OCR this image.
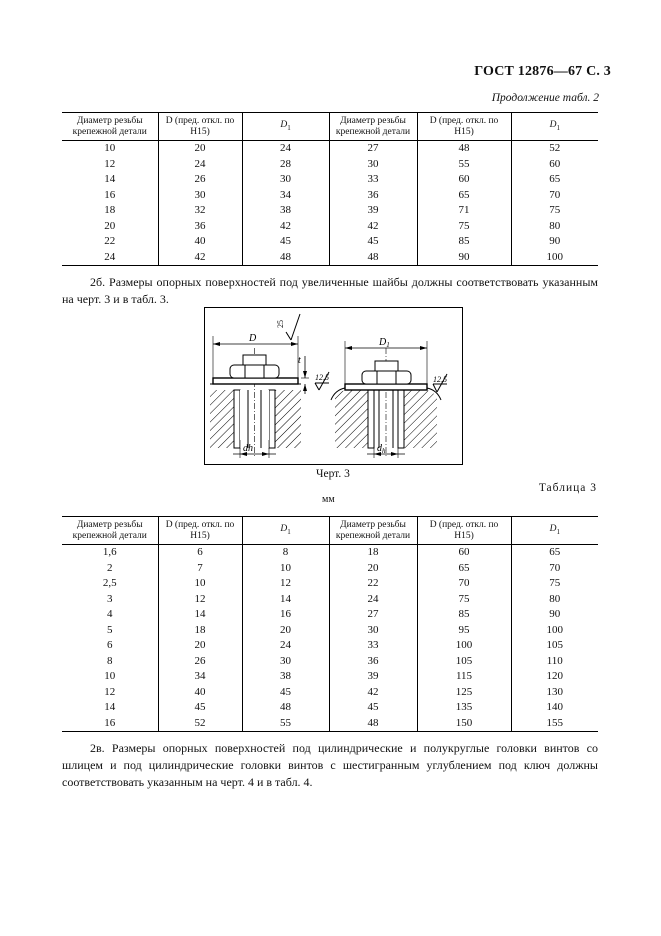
ГОСТ 12876—67 С. 3
Продолжение табл. 2
Диаметр резьбы крепежной детали	D (пред. откл. по Н15)	$D_1$	Диаметр резьбы крепежной детали	D (пред. откл. по Н15)	$D_1$
10	20	24	27	48	52
12	24	28	30	55	60
14	26	30	33	60	65
16	30	34	36	65	70
18	32	38	39	71	75
20	36	42	42	75	80
22	40	45	45	85	90
24	42	48	48	90	100
2б. Размеры опорных поверхностей под увеличенные шайбы должны соответствовать указанным на черт. 3 и в табл. 3.
D
25
t
12,5
dh
$D_1$
12,5
$d_h$
Черт. 3
Таблица 3
мм
Диаметр резьбы крепежной детали	D (пред. откл. по Н15)	$D_1$	Диаметр резьбы крепежной детали	D (пред. откл. по Н15)	$D_1$
1,6	6	8	18	60	65
2	7	10	20	65	70
2,5	10	12	22	70	75
3	12	14	24	75	80
4	14	16	27	85	90
5	18	20	30	95	100
6	20	24	33	100	105
8	26	30	36	105	110
10	34	38	39	115	120
12	40	45	42	125	130
14	45	48	45	135	140
16	52	55	48	150	155
2в. Размеры опорных поверхностей под цилиндрические и полукруглые головки винтов со шлицем и под цилиндрические головки винтов с шестигранным углублением под ключ должны соответствовать указанным на черт. 4 и в табл. 4.
